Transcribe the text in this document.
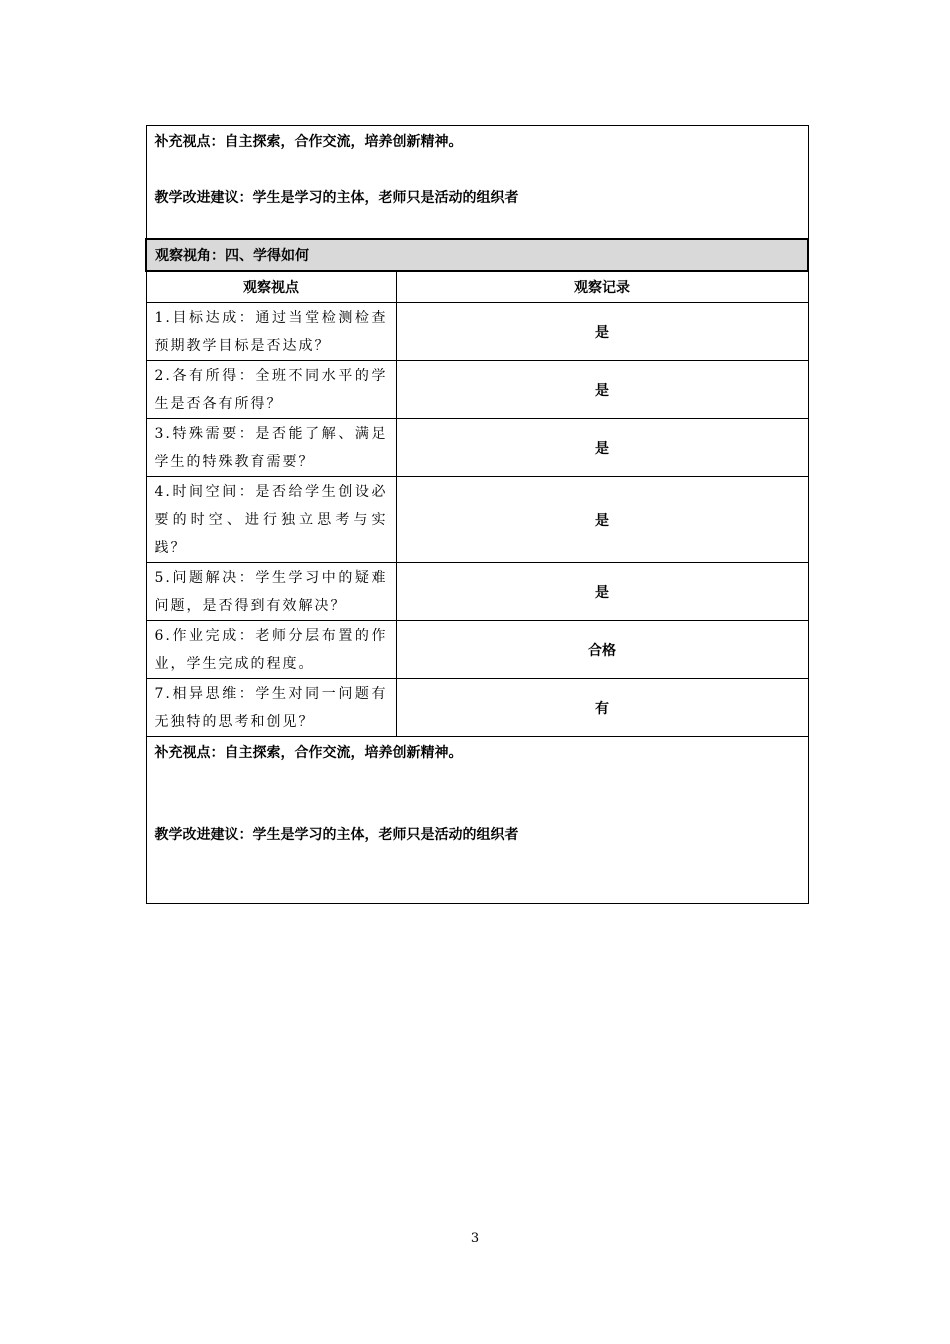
补充视点：自主探索，合作交流，培养创新精神。
教学改进建议：学生是学习的主体，老师只是活动的组织者	

观察视角：四、学得如何	
观察视点	观察记录
1.目标达成：通过当堂检测检查预期教学目标是否达成？	是
2.各有所得：全班不同水平的学生是否各有所得？	是
3.特殊需要：是否能了解、满足学生的特殊教育需要？	是
4.时间空间：是否给学生创设必要的时空、进行独立思考与实践？	是
5.问题解决：学生学习中的疑难问题，是否得到有效解决？	是
6.作业完成：老师分层布置的作业，学生完成的程度。	合格
7.相异思维：学生对同一问题有无独特的思考和创见？	有

补充视点：自主探索，合作交流，培养创新精神。
教学改进建议：学生是学习的主体，老师只是活动的组织者	
3
